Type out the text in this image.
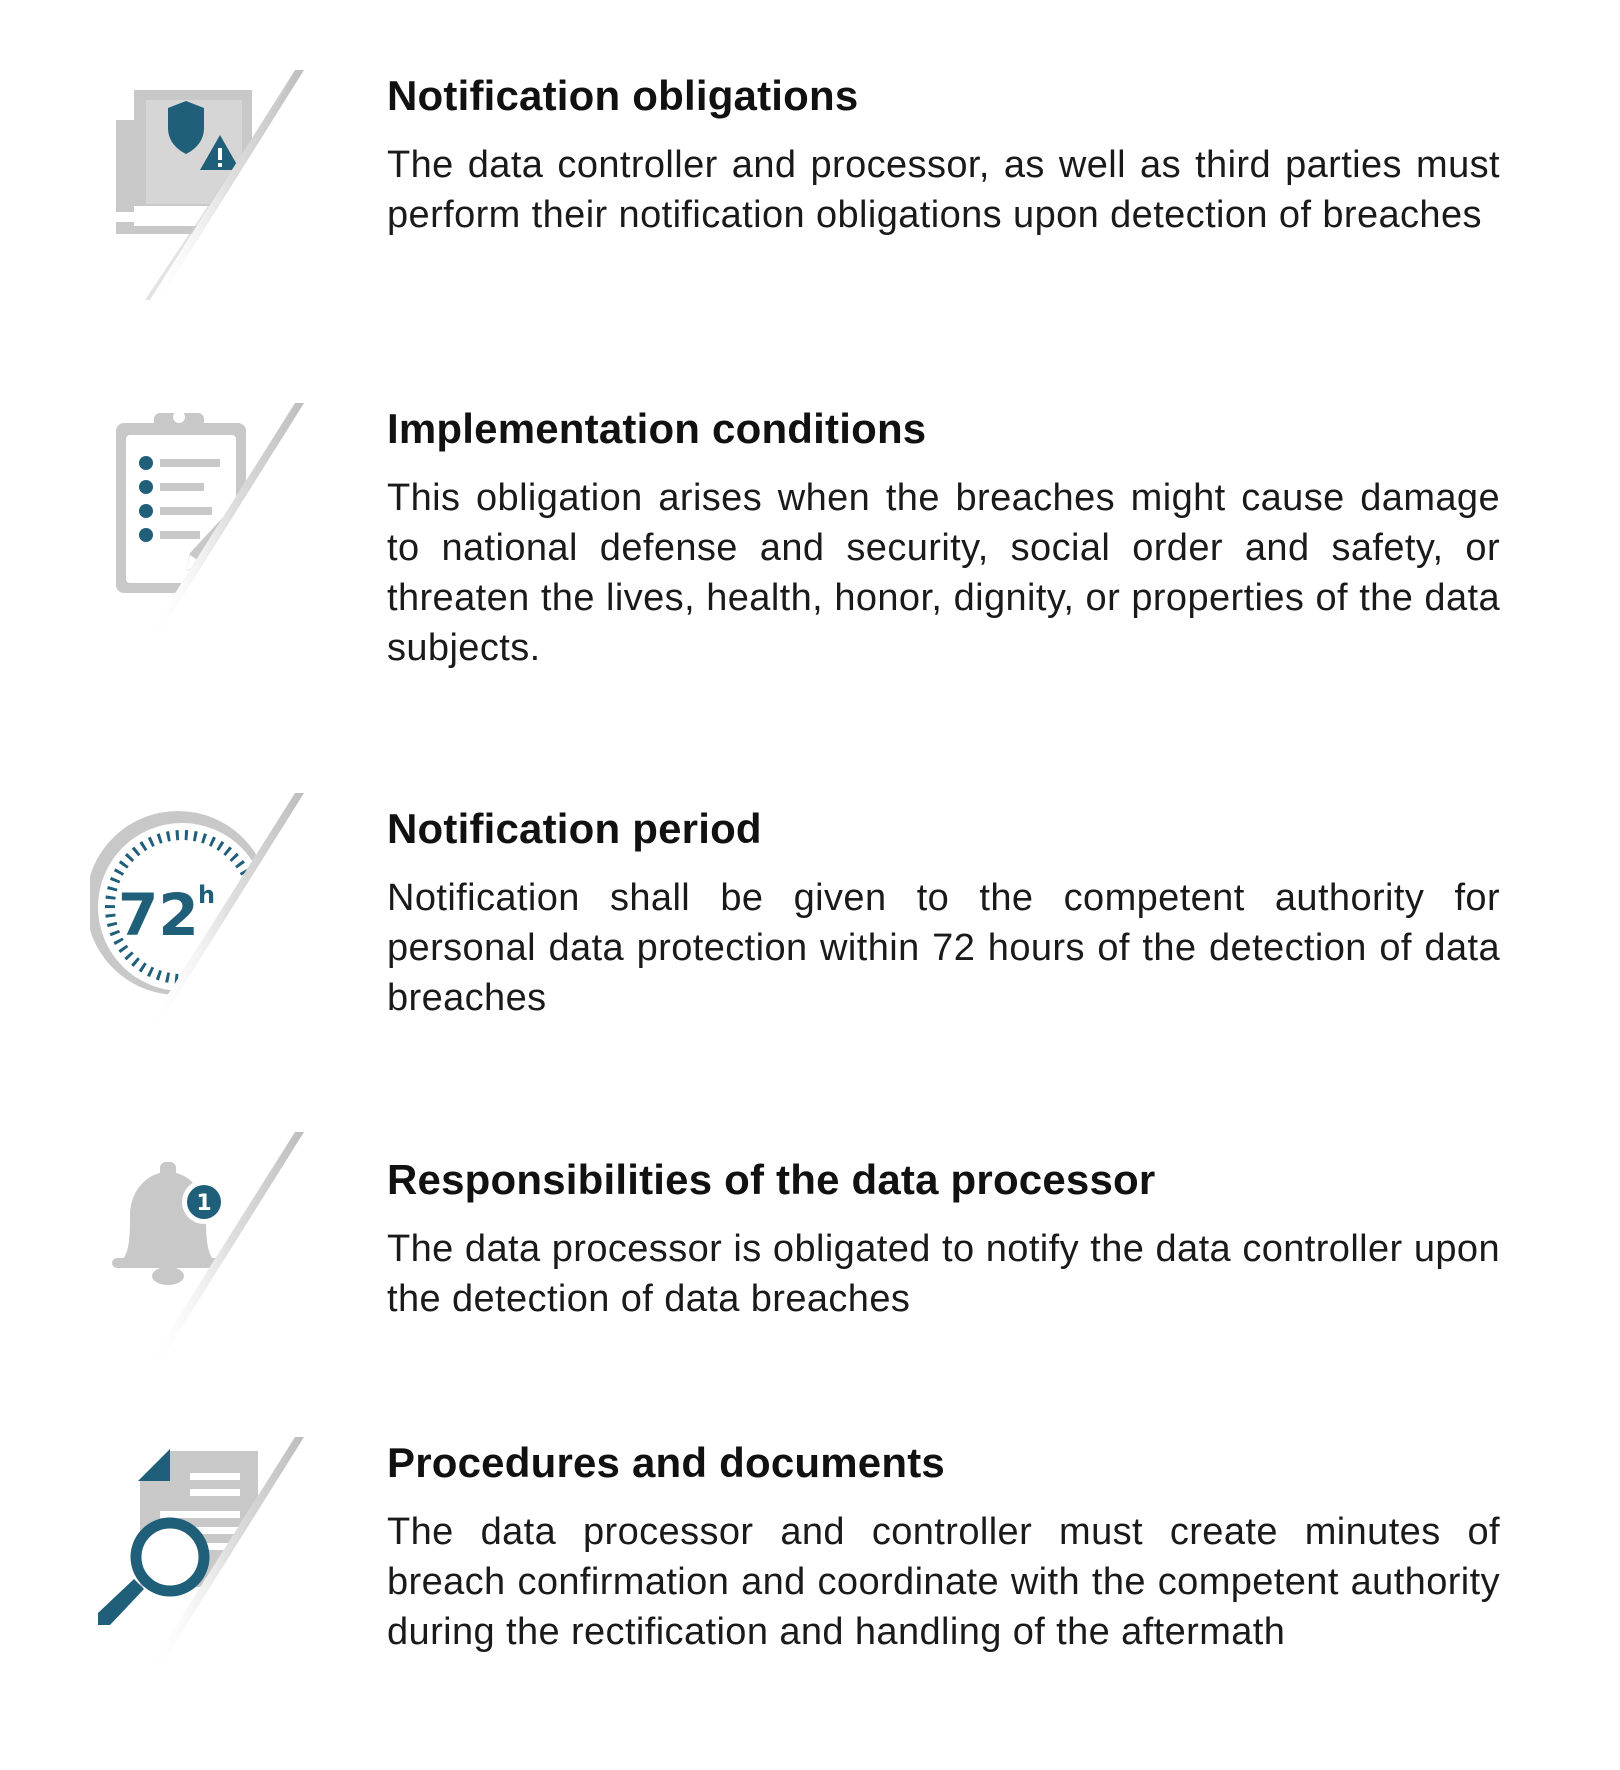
Notification obligations

The data controller and processor, as well as third parties must perform their notification obligations upon detection of breaches

Implementation conditions

This obligation arises when the breaches might cause damage to national defense and security, social order and safety, or threaten the lives, health, honor, dignity, or properties of the data subjects.

72 h
Notification period

Notification shall be given to the competent authority for personal data protection within 72 hours of the detection of data breaches

1
Responsibilities of the data processor

The data processor is obligated to notify the data controller upon the detection of data breaches

Procedures and documents

The data processor and controller must create minutes of breach confirmation and coordinate with the competent authority during the rectification and handling of the aftermath
